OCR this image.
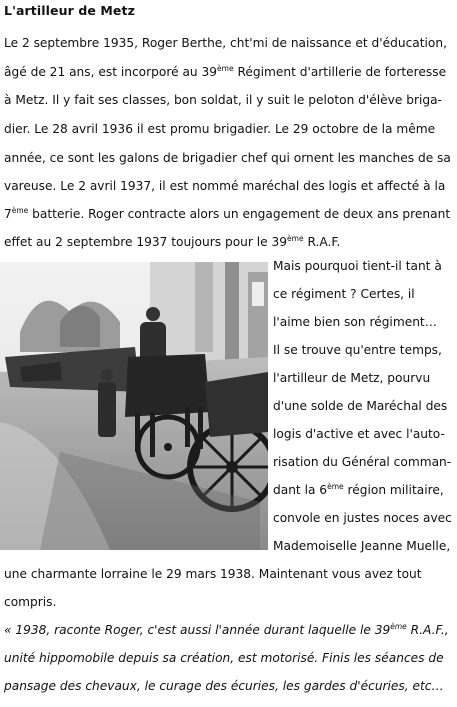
L'artilleur de Metz
Le 2 septembre 1935, Roger Berthe, cht'mi de naissance et d'éducation,
âgé de 21 ans, est incorporé au 39ème Régiment d'artillerie de forteresse
à Metz. Il y fait ses classes, bon soldat, il y suit le peloton d'élève briga-
dier. Le 28 avril 1936 il est promu brigadier. Le 29 octobre de la même
année, ce sont les galons de brigadier chef qui ornent les manches de sa
vareuse. Le 2 avril 1937, il est nommé maréchal des logis et affecté à la
7ème batterie. Roger contracte alors un engagement de deux ans prenant
effet au 2 septembre 1937 toujours pour le 39ème R.A.F.
Mais pourquoi tient-il tant à
ce régiment ? Certes, il
l'aime bien son régiment…
Il se trouve qu'entre temps,
l'artilleur de Metz, pourvu
d'une solde de Maréchal des
logis d'active et avec l'auto-
risation du Général comman-
dant la 6ème région militaire,
convole en justes noces avec
Mademoiselle Jeanne Muelle,
une charmante lorraine le 29 mars 1938. Maintenant vous avez tout
compris.
« 1938, raconte Roger, c'est aussi l'année durant laquelle le 39ème R.A.F.,
unité hippomobile depuis sa création, est motorisé. Finis les séances de
pansage des chevaux, le curage des écuries, les gardes d'écuries, etc…
